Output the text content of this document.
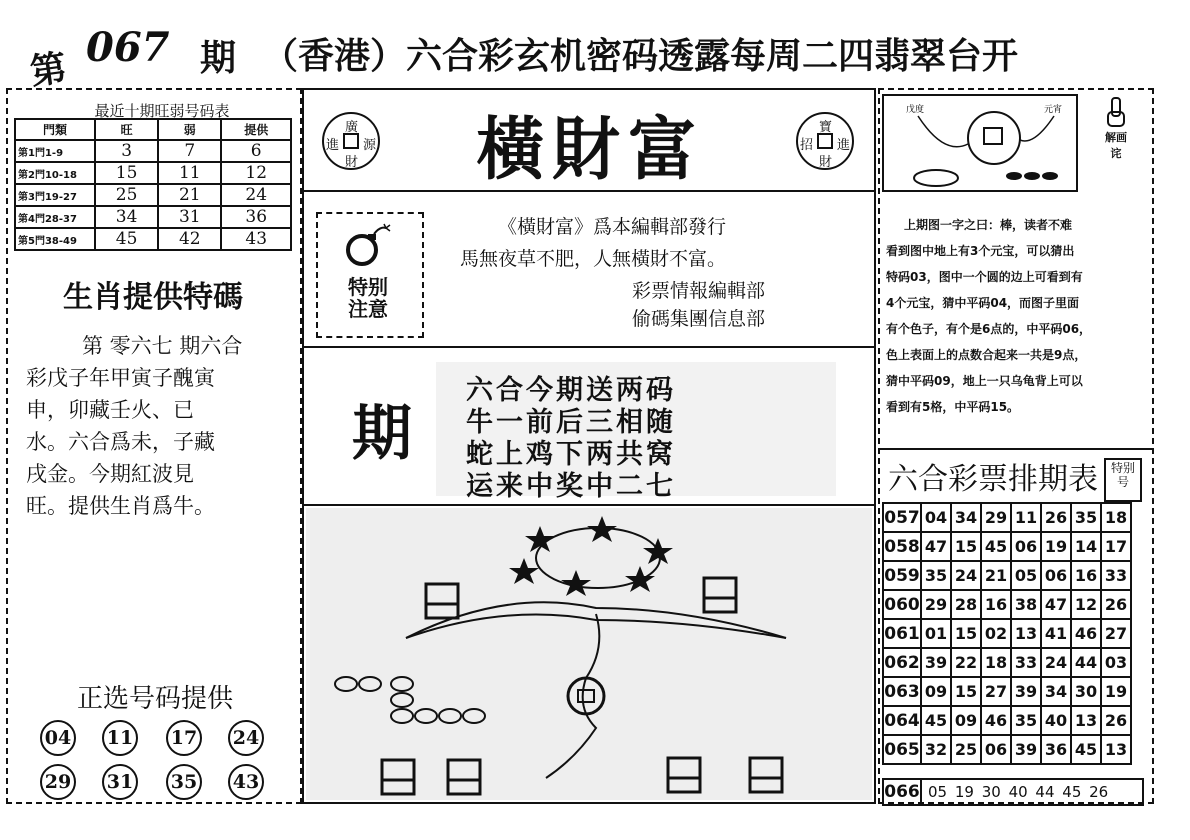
第 067 期 （香港）六合彩玄机密码透露每周二四翡翠台开
最近十期旺弱号码表
門類	旺	弱	提供
第1門1-9	3	7	6
第2門10-18	15	11	12
第3門19-27	25	21	24
第4門28-37	34	31	36
第5門38-49	45	42	43
生肖提供特碼
第 零六七 期六合
彩戊子年甲寅子醜寅
申，卯藏壬火、已
水。六合爲未，子藏
戌金。今期紅波見
旺。提供生肖爲牛。
正选号码提供
04 11 17 24
29 31 35 43
廣
進 源
財	橫財富	寶
招 進
財
特别
注意
《橫財富》爲本編輯部發行
馬無夜草不肥，人無橫財不富。
彩票情報編輯部
偷碼集團信息部
期
六合今期送两码
牛一前后三相随
蛇上鸡下两共窝
运来中奖中二七
戊度	元宵
解画诧
上期图一字之曰：棒，读者不难
看到图中地上有3个元宝，可以猜出
特码03，图中一个圆的边上可看到有
4个元宝，猜中平码04，而图子里面
有个色子，有个是6点的，中平码06，
色上表面上的点数合起来一共是9点，
猜中平码09，地上一只乌龟背上可以
看到有5格，中平码15。
六合彩票排期表	特别号
057	04	34	29	11	26	35	18
058	47	15	45	06	19	14	17
059	35	24	21	05	06	16	33
060	29	28	16	38	47	12	26
061	01	15	02	13	41	46	27
062	39	22	18	33	24	44	03
063	09	15	27	39	34	30	19
064	45	09	46	35	40	13	26
065	32	25	06	39	36	45	13
066 05 19 30 40 44 45 26
